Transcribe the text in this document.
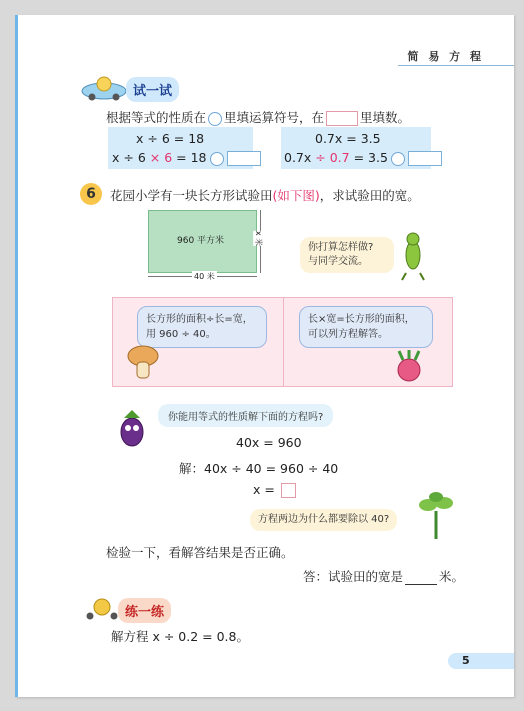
简 易 方 程
试一试
根据等式的性质在 里填运算符号，在	里填数。
x ÷ 6 = 18
x ÷ 6 × 6 = 18
0.7x = 3.5
0.7x ÷ 0.7 = 3.5
6	花园小学有一块长方形试验田(如下图)，求试验田的宽。
960 平方米
40 米
x 米
你打算怎样做?
与同学交流。
长方形的面积÷长=宽，
用 960 ÷ 40。
长×宽=长方形的面积，
可以列方程解答。
你能用等式的性质解下面的方程吗?
40x = 960
解：40x ÷ 40 = 960 ÷ 40
x =
方程两边为什么都要除以 40?
检验一下，看解答结果是否正确。
答：试验田的宽是	米。
练一练
解方程 x ÷ 0.2 = 0.8。
5
